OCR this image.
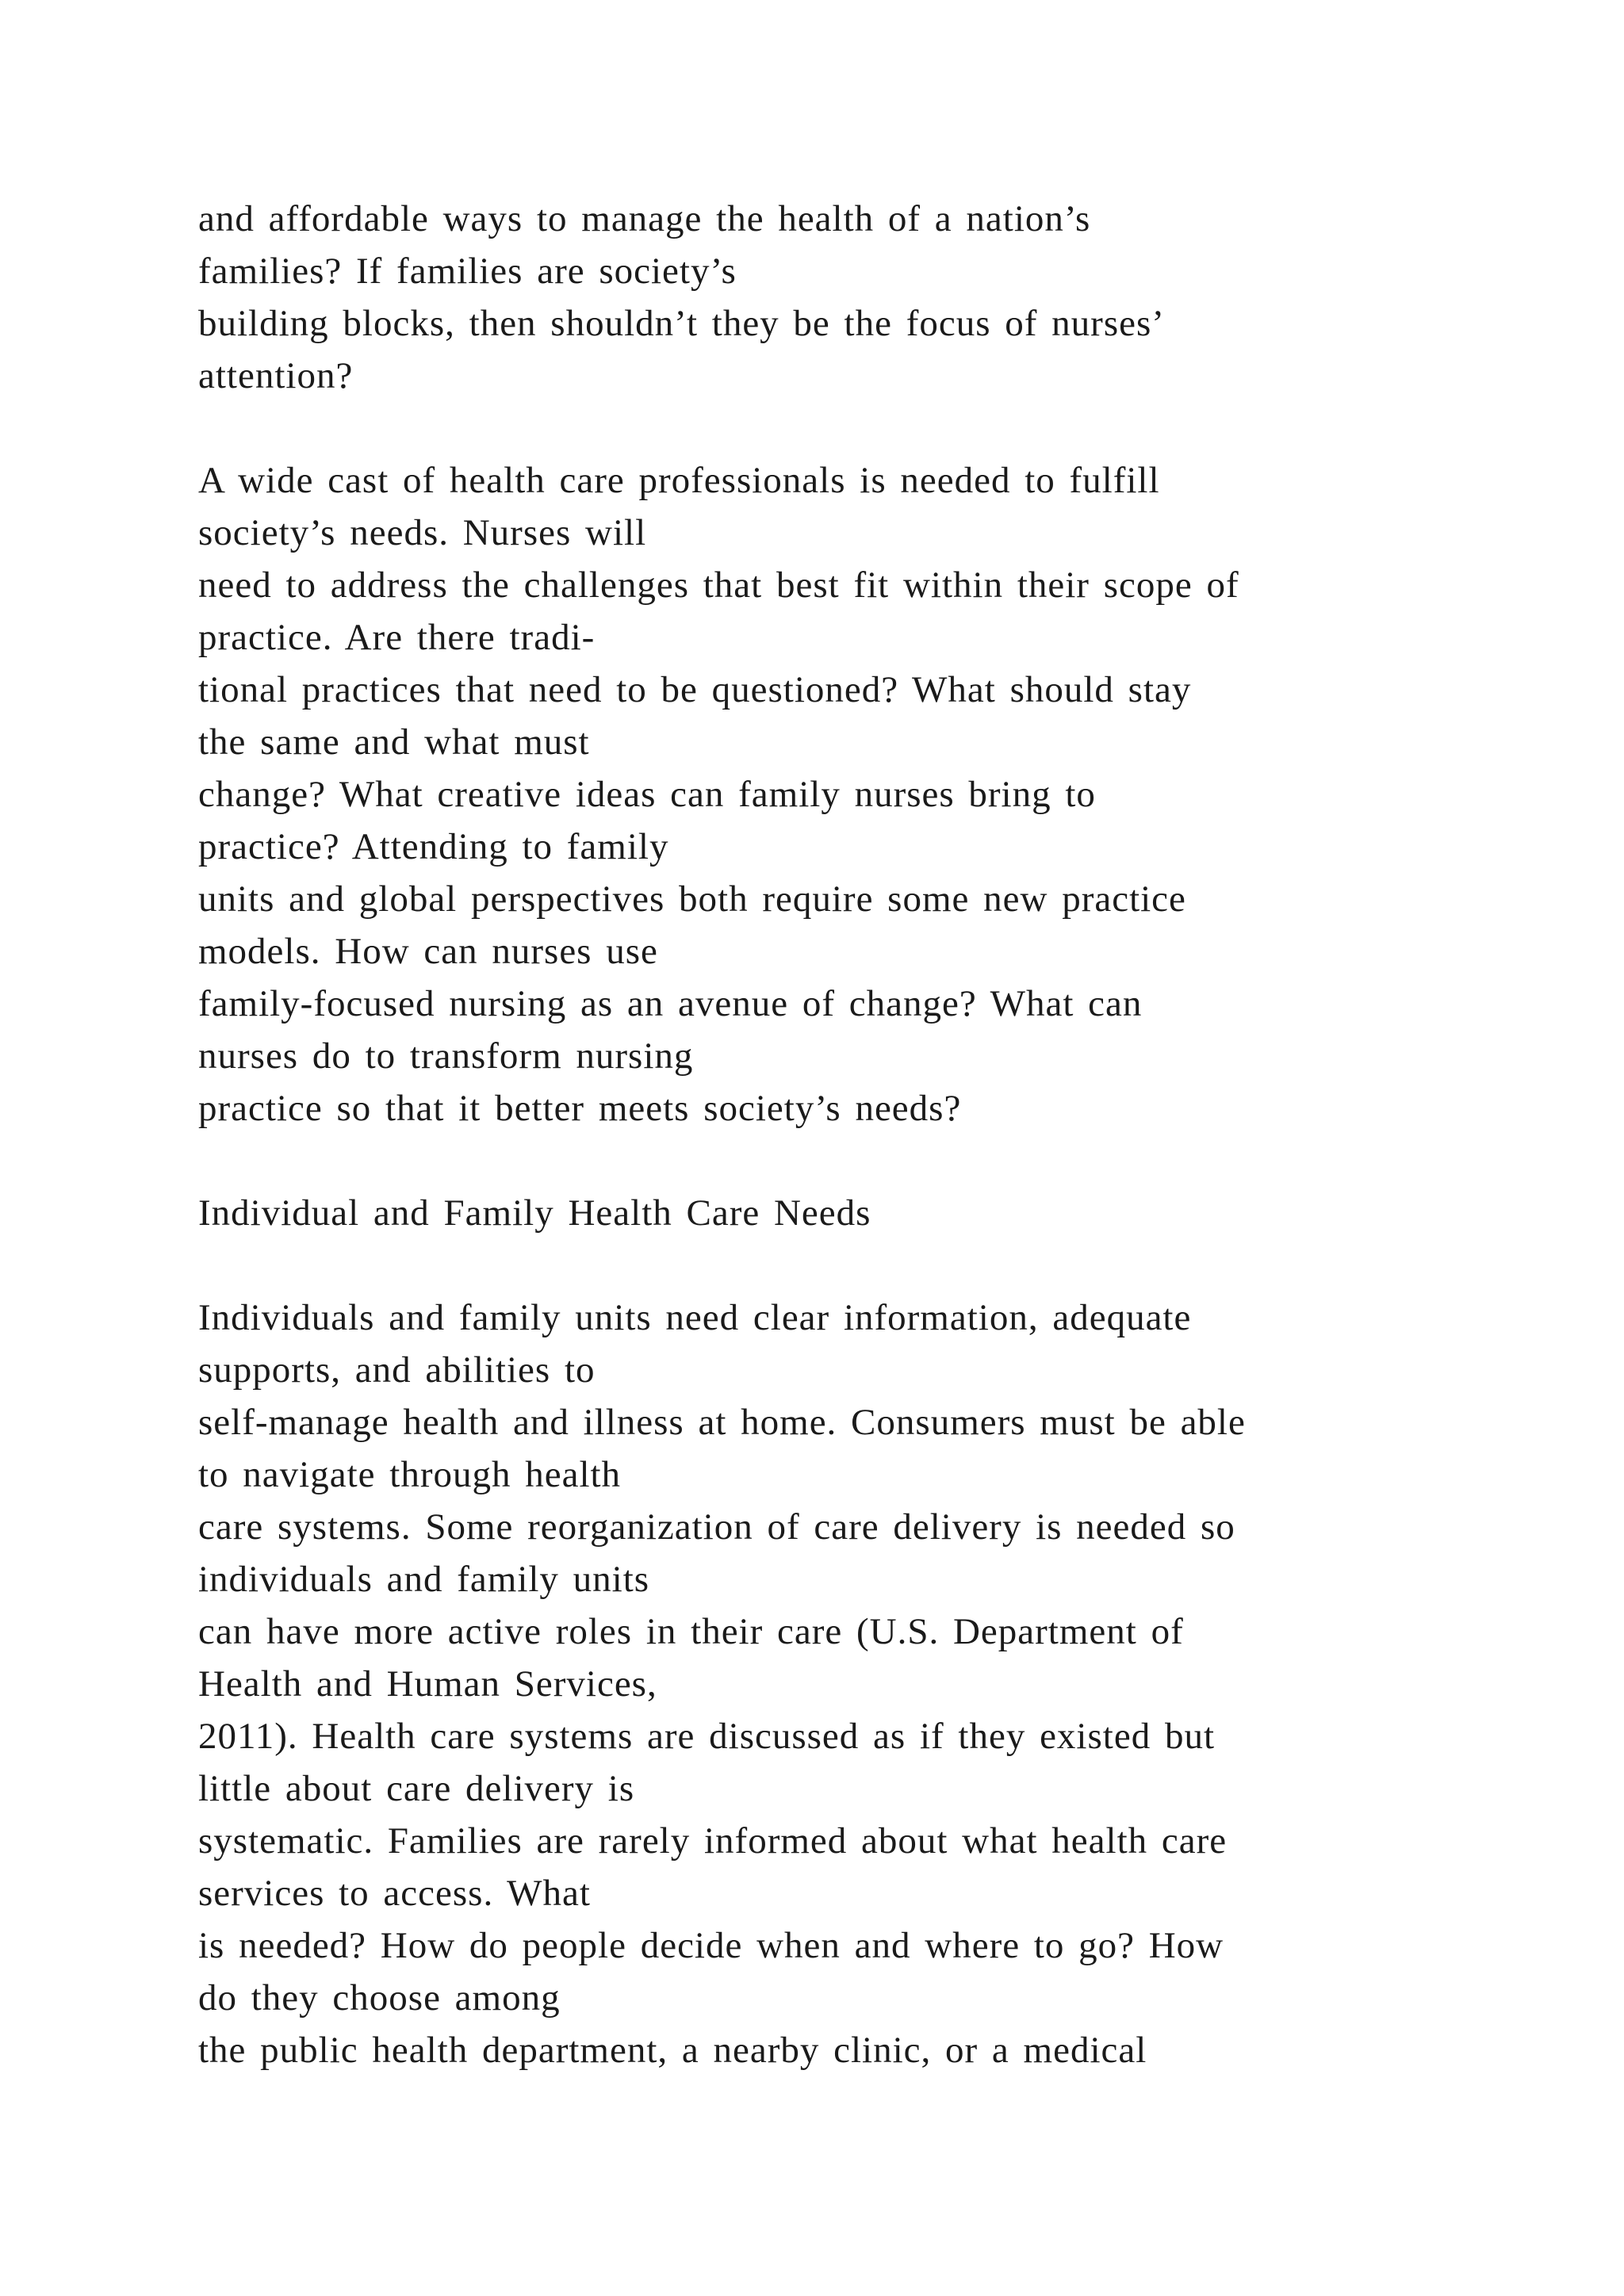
and affordable ways to manage the health of a nation’s
families? If families are society’s
building blocks, then shouldn’t they be the focus of nurses’
attention?
A wide cast of health care professionals is needed to fulfill
society’s needs. Nurses will
need to address the challenges that best fit within their scope of
practice. Are there tradi-
tional practices that need to be questioned? What should stay
the same and what must
change? What creative ideas can family nurses bring to
practice? Attending to family
units and global perspectives both require some new practice
models. How can nurses use
family-focused nursing as an avenue of change? What can
nurses do to transform nursing
practice so that it better meets society’s needs?
Individual and Family Health Care Needs
Individuals and family units need clear information, adequate
supports, and abilities to
self-manage health and illness at home. Consumers must be able
to navigate through health
care systems. Some reorganization of care delivery is needed so
individuals and family units
can have more active roles in their care (U.S. Department of
Health and Human Services,
2011). Health care systems are discussed as if they existed but
little about care delivery is
systematic. Families are rarely informed about what health care
services to access. What
is needed? How do people decide when and where to go? How
do they choose among
the public health department, a nearby clinic, or a medical
